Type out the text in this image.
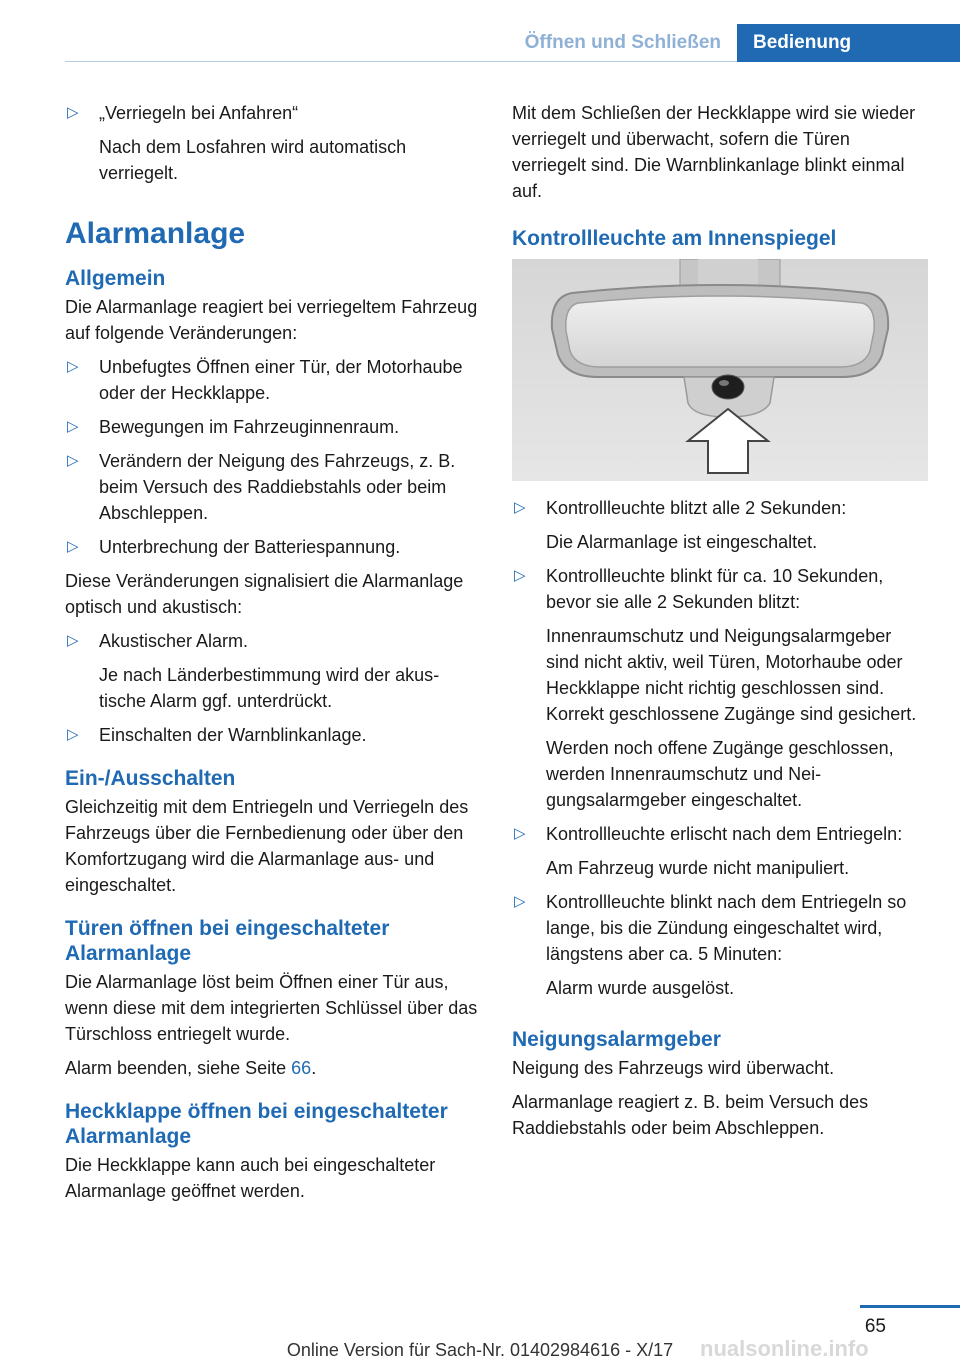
Öffnen und Schließen	Bedienung
▷ „Verriegeln bei Anfahren“
Nach dem Losfahren wird automatisch verriegelt.
Alarmanlage
Allgemein

Die Alarmanlage reagiert bei verriegeltem Fahrzeug auf folgende Veränderungen:

▷ Unbefugtes Öffnen einer Tür, der Motorhaube oder der Heckklappe.
▷ Bewegungen im Fahrzeuginnenraum.
▷ Verändern der Neigung des Fahrzeugs, z. B. beim Versuch des Raddiebstahls oder beim Abschleppen.
▷ Unterbrechung der Batteriespannung.

Diese Veränderungen signalisiert die Alarmanlage optisch und akustisch:

▷ Akustischer Alarm.
Je nach Länderbestimmung wird der akustische Alarm ggf. unterdrückt.
▷ Einschalten der Warnblinkanlage.
Ein-/Ausschalten

Gleichzeitig mit dem Entriegeln und Verriegeln des Fahrzeugs über die Fernbedienung oder über den Komfortzugang wird die Alarmanlage aus- und eingeschaltet.

Türen öffnen bei eingeschalteter Alarmanlage

Die Alarmanlage löst beim Öffnen einer Tür aus, wenn diese mit dem integrierten Schlüssel über das Türschloss entriegelt wurde.

Alarm beenden, siehe Seite 66.

Heckklappe öffnen bei eingeschalteter Alarmanlage

Die Heckklappe kann auch bei eingeschalteter Alarmanlage geöffnet werden.

Mit dem Schließen der Heckklappe wird sie wieder verriegelt und überwacht, sofern die Türen verriegelt sind. Die Warnblinkanlage blinkt einmal auf.

Kontrollleuchte am Innenspiegel
▷ Kontrollleuchte blitzt alle 2 Sekunden:
Die Alarmanlage ist eingeschaltet.
▷ Kontrollleuchte blinkt für ca. 10 Sekunden, bevor sie alle 2 Sekunden blitzt:
Innenraumschutz und Neigungsalarmgeber sind nicht aktiv, weil Türen, Motorhaube oder Heckklappe nicht richtig geschlossen sind. Korrekt geschlossene Zugänge sind gesichert.
Werden noch offene Zugänge geschlossen, werden Innenraumschutz und Neigungsalarmgeber eingeschaltet.
▷ Kontrollleuchte erlischt nach dem Entriegeln:
Am Fahrzeug wurde nicht manipuliert.
▷ Kontrollleuchte blinkt nach dem Entriegeln so lange, bis die Zündung eingeschaltet wird, längstens aber ca. 5 Minuten:
Alarm wurde ausgelöst.
Neigungsalarmgeber

Neigung des Fahrzeugs wird überwacht.

Alarmanlage reagiert z. B. beim Versuch des Raddiebstahls oder beim Abschleppen.

65
Online Version für Sach-Nr. 01402984616 - X/17	nualsonline.info
